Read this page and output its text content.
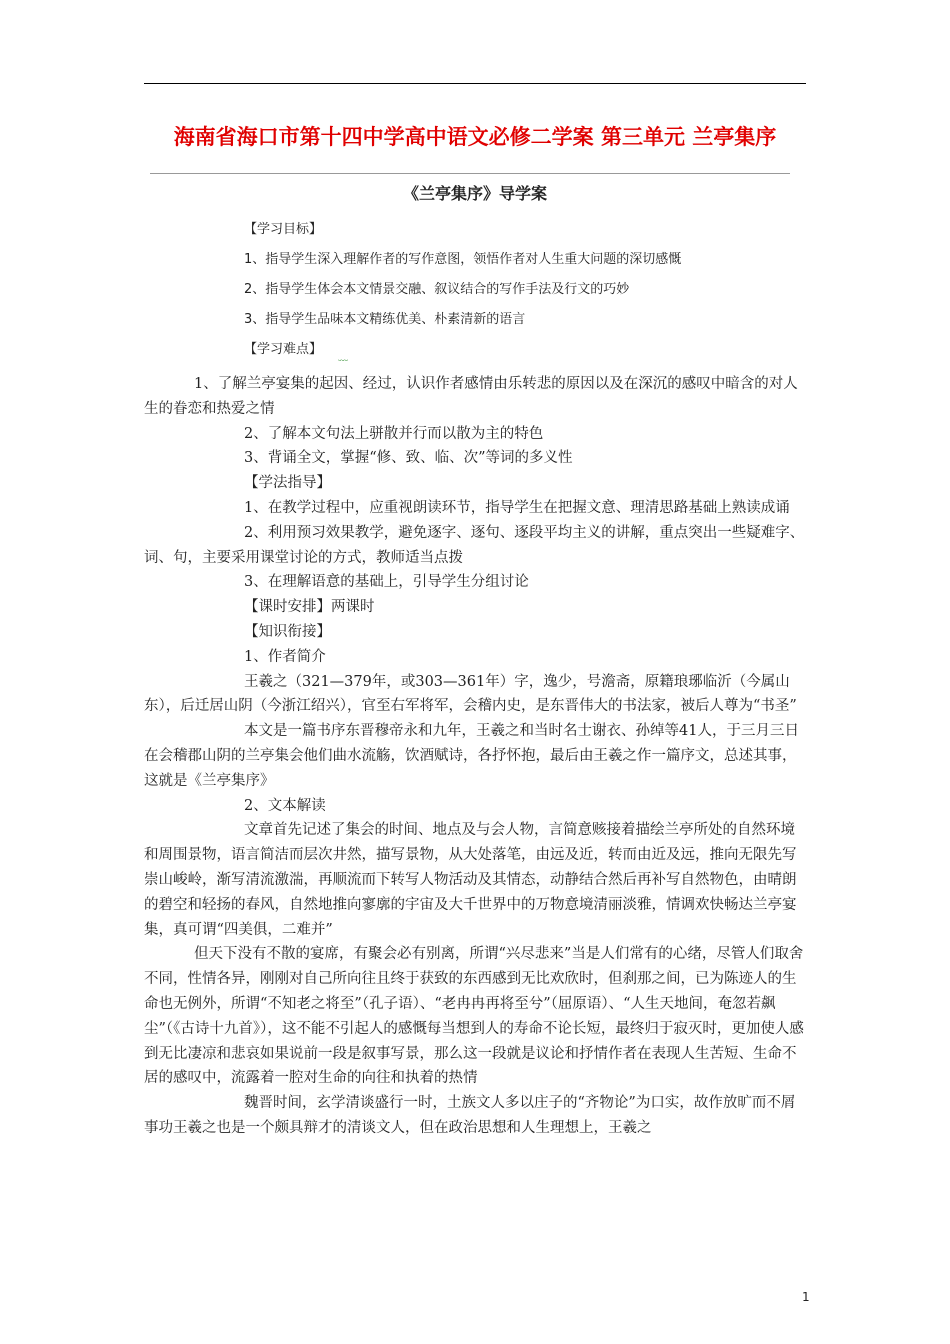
海南省海口市第十四中学高中语文必修二学案 第三单元 兰亭集序
《兰亭集序》导学案
【学习目标】
1、指导学生深入理解作者的写作意图，领悟作者对人生重大问题的深切感慨
2、指导学生体会本文情景交融、叙议结合的写作手法及行文的巧妙
3、指导学生品味本文精练优美、朴素清新的语言
【学习难点】
﹏

1、了解兰亭宴集的起因、经过，认识作者感情由乐转悲的原因以及在深沉的感叹中暗含的对人生的眷恋和热爱之情

2、了解本文句法上骈散并行而以散为主的特色

3、背诵全文，掌握“修、致、临、次”等词的多义性

【学法指导】

1、在教学过程中，应重视朗读环节，指导学生在把握文意、理清思路基础上熟读成诵

2、利用预习效果教学，避免逐字、逐句、逐段平均主义的讲解，重点突出一些疑难字、词、句，主要采用课堂讨论的方式，教师适当点拨

3、在理解语意的基础上，引导学生分组讨论

【课时安排】两课时

【知识衔接】

1、作者简介

王羲之（321—379年，或303—361年）字，逸少，号澹斋，原籍琅琊临沂（今属山东），后迁居山阴（今浙江绍兴），官至右军将军，会稽内史，是东晋伟大的书法家，被后人尊为“书圣”

本文是一篇书序东晋穆帝永和九年，王羲之和当时名士谢衣、孙绰等41人，于三月三日在会稽郡山阴的兰亭集会他们曲水流觞，饮酒赋诗，各抒怀抱，最后由王羲之作一篇序文，总述其事，这就是《兰亭集序》

2、文本解读

文章首先记述了集会的时间、地点及与会人物，言简意赅接着描绘兰亭所处的自然环境和周围景物，语言简洁而层次井然，描写景物，从大处落笔，由远及近，转而由近及远，推向无限先写崇山峻岭，渐写清流激湍，再顺流而下转写人物活动及其情态，动静结合然后再补写自然物色，由晴朗的碧空和轻扬的春风，自然地推向寥廓的宇宙及大千世界中的万物意境清丽淡雅，情调欢快畅达兰亭宴集，真可谓“四美俱，二难并”

但天下没有不散的宴席，有聚会必有别离，所谓“兴尽悲来”当是人们常有的心绪，尽管人们取舍不同，性情各异，刚刚对自己所向往且终于获致的东西感到无比欢欣时，但刹那之间，已为陈迹人的生命也无例外，所谓“不知老之将至”（孔子语）、“老冉冉再将至兮”（屈原语）、“人生天地间，奄忽若飙尘”（《古诗十九首》），这不能不引起人的感慨每当想到人的寿命不论长短，最终归于寂灭时，更加使人感到无比凄凉和悲哀如果说前一段是叙事写景，那么这一段就是议论和抒情作者在表现人生苦短、生命不居的感叹中，流露着一腔对生命的向往和执着的热情

魏晋时间，玄学清谈盛行一时，土族文人多以庄子的“齐物论”为口实，故作放旷而不屑事功王羲之也是一个颇具辩才的清谈文人，但在政治思想和人生理想上，王羲之

1
